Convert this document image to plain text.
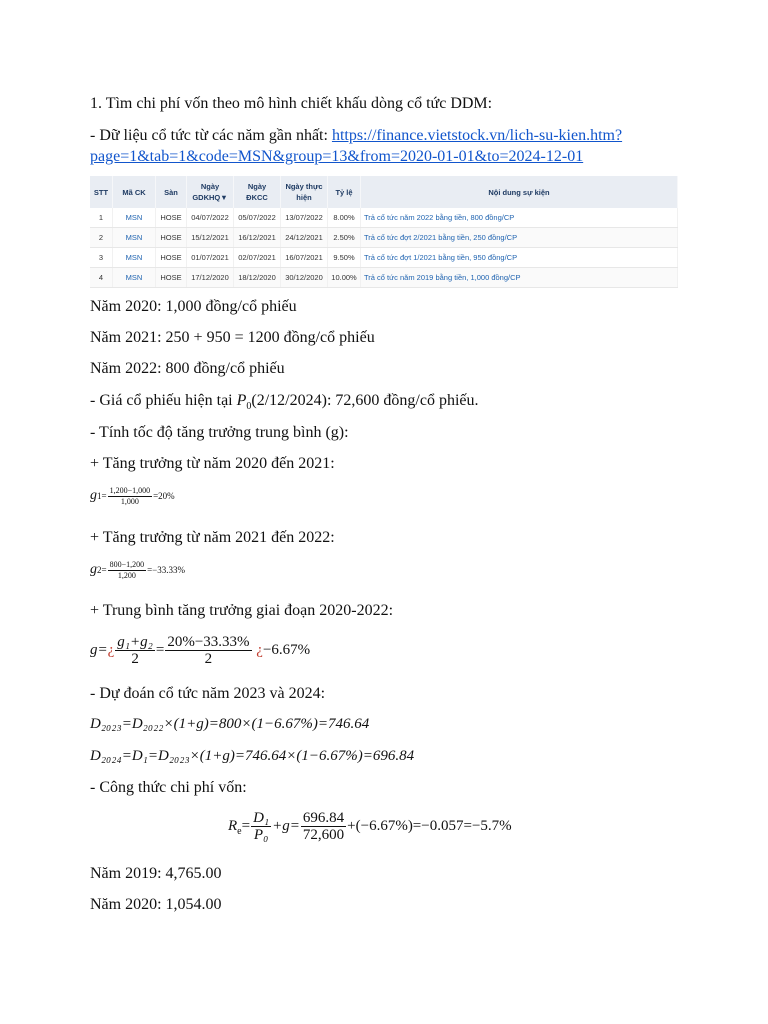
1. Tìm chi phí vốn theo mô hình chiết khấu dòng cổ tức DDM:
- Dữ liệu cổ tức từ các năm gần nhất: https://finance.vietstock.vn/lich-su-kien.htm?
page=1&tab=1&code=MSN&group=13&from=2020-01-01&to=2024-12-01
STT	Mã CK	Sàn	Ngày GDKHQ▼	Ngày ĐKCC	Ngày thực hiện	Tỷ lệ	Nội dung sự kiện
1	MSN	HOSE	04/07/2022	05/07/2022	13/07/2022	8.00%	Trả cổ tức năm 2022 bằng tiền, 800 đồng/CP
2	MSN	HOSE	15/12/2021	16/12/2021	24/12/2021	2.50%	Trả cổ tức đợt 2/2021 bằng tiền, 250 đồng/CP
3	MSN	HOSE	01/07/2021	02/07/2021	16/07/2021	9.50%	Trả cổ tức đợt 1/2021 bằng tiền, 950 đồng/CP
4	MSN	HOSE	17/12/2020	18/12/2020	30/12/2020	10.00%	Trả cổ tức năm 2019 bằng tiền, 1,000 đồng/CP
Năm 2020: 1,000 đồng/cổ phiếu
Năm 2021: 250 + 950 = 1200 đồng/cổ phiếu
Năm 2022: 800 đồng/cổ phiếu
- Giá cổ phiếu hiện tại $P_0(2/12/2024)$: 72,600 đồng/cổ phiếu.
- Tính tốc độ tăng trưởng trung bình (g):
+ Tăng trưởng từ năm 2020 đến 2021:
$g1= \frac{1,200-1,000}{1,000} =20\%$
+ Tăng trưởng từ năm 2021 đến 2022:
$g2= \frac{800-1,200}{1,200} =-33.33\%$
+ Trung bình tăng trưởng giai đoạn 2020-2022:
g=¿ $\frac{\text{g₁+g₂}}{2} = \frac{20\%-33.33\%}{2}$ ¿−6.67%
- Dự đoán cổ tức năm 2023 và 2024:
D₂₀₂₃=D₂₀₂₂×(1+g)=800×(1−6.67%)=746.64
D₂₀₂₄=D₁=D₂₀₂₃×(1+g)=746.64×(1−6.67%)=696.84
- Công thức chi phí vốn:
$R_e= \frac{\text{D₁}}{\text{P₀}} +g= \frac{696.84}{72,600} +(-6.67\%)=-0.057=-5.7\%$
Năm 2019: 4,765.00
Năm 2020: 1,054.00
